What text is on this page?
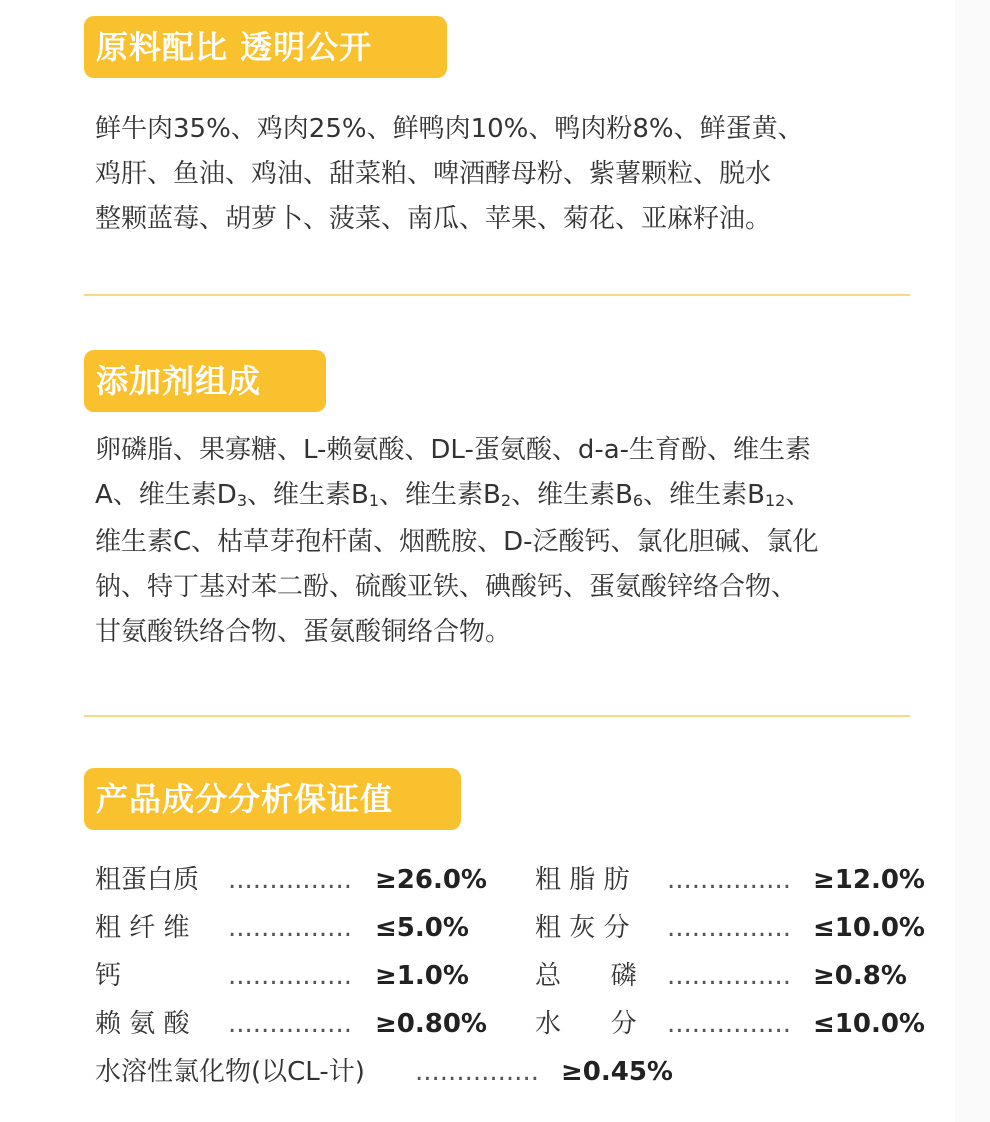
原料配比 透明公开
鲜牛肉35%、鸡肉25%、鲜鸭肉10%、鸭肉粉8%、鲜蛋黄、
鸡肝、鱼油、鸡油、甜菜粕、啤酒酵母粉、紫薯颗粒、脱水
整颗蓝莓、胡萝卜、菠菜、南瓜、苹果、菊花、亚麻籽油。
添加剂组成
卵磷脂、果寡糖、L-赖氨酸、DL-蛋氨酸、d-a-生育酚、维生素
A、维生素$D_3$、维生素$B_1$、维生素$B_2$、维生素$B_6$、维生素$B_{12}$、
维生素C、枯草芽孢杆菌、烟酰胺、D-泛酸钙、氯化胆碱、氯化
钠、特丁基对苯二酚、硫酸亚铁、碘酸钙、蛋氨酸锌络合物、
甘氨酸铁络合物、蛋氨酸铜络合物。
产品成分分析保证值
粗蛋白质 ............... ≥26.0% 粗 脂 肪 ............... ≥12.0%
粗 纤 维 ............... ≤5.0%	粗 灰 分 ............... ≤10.0%
钙	............... ≥1.0%	总      磷 ............... ≥0.8%
赖 氨 酸 ............... ≥0.80% 水      分 ............... ≤10.0%
水溶性氯化物(以CL-计) ............... ≥0.45%
